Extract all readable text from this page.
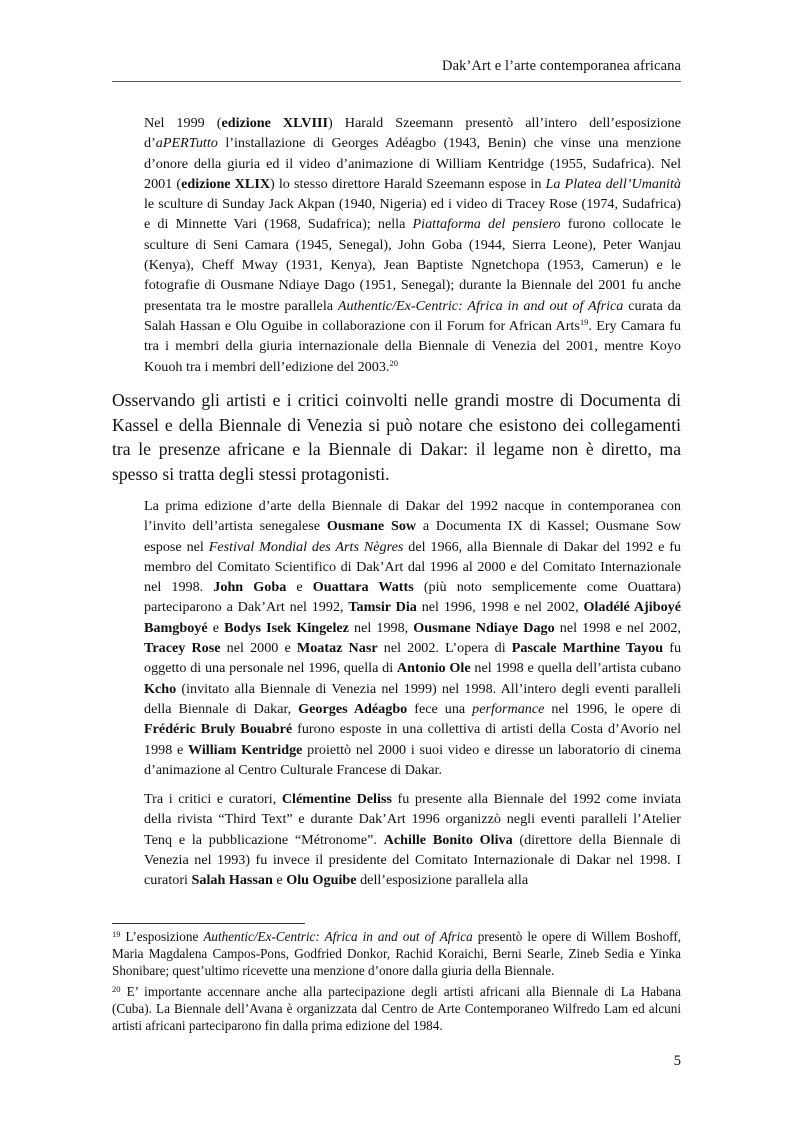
Dak’Art e l’arte contemporanea africana

Nel 1999 (edizione XLVIII) Harald Szeemann presentò all’intero dell’esposizione d’aPERTutto l’installazione di Georges Adéagbo (1943, Benin) che vinse una menzione d’onore della giuria ed il video d’animazione di William Kentridge (1955, Sudafrica). Nel 2001 (edizione XLIX) lo stesso direttore Harald Szeemann espose in La Platea dell’Umanità le sculture di Sunday Jack Akpan (1940, Nigeria) ed i video di Tracey Rose (1974, Sudafrica) e di Minnette Vari (1968, Sudafrica); nella Piattaforma del pensiero furono collocate le sculture di Seni Camara (1945, Senegal), John Goba (1944, Sierra Leone), Peter Wanjau (Kenya), Cheff Mway (1931, Kenya), Jean Baptiste Ngnetchopa (1953, Camerun) e le fotografie di Ousmane Ndiaye Dago (1951, Senegal); durante la Biennale del 2001 fu anche presentata tra le mostre parallela Authentic/Ex-Centric: Africa in and out of Africa curata da Salah Hassan e Olu Oguibe in collaborazione con il Forum for African Arts$^{19}$. Ery Camara fu tra i membri della giuria internazionale della Biennale di Venezia del 2001, mentre Koyo Kouoh tra i membri dell’edizione del 2003.20

Osservando gli artisti e i critici coinvolti nelle grandi mostre di Documenta di Kassel e della Biennale di Venezia si può notare che esistono dei collegamenti tra le presenze africane e la Biennale di Dakar: il legame non è diretto, ma spesso si tratta degli stessi protagonisti.

La prima edizione d’arte della Biennale di Dakar del 1992 nacque in contemporanea con l’invito dell’artista senegalese Ousmane Sow a Documenta IX di Kassel; Ousmane Sow espose nel Festival Mondial des Arts Nègres del 1966, alla Biennale di Dakar del 1992 e fu membro del Comitato Scientifico di Dak’Art dal 1996 al 2000 e del Comitato Internazionale nel 1998. John Goba e Ouattara Watts (più noto semplicemente come Ouattara) parteciparono a Dak’Art nel 1992, Tamsir Dia nel 1996, 1998 e nel 2002, Oladélé Ajiboyé Bamgboyé e Bodys Isek Kingelez nel 1998, Ousmane Ndiaye Dago nel 1998 e nel 2002, Tracey Rose nel 2000 e Moataz Nasr nel 2002. L’opera di Pascale Marthine Tayou fu oggetto di una personale nel 1996, quella di Antonio Ole nel 1998 e quella dell’artista cubano Kcho (invitato alla Biennale di Venezia nel 1999) nel 1998. All’intero degli eventi paralleli della Biennale di Dakar, Georges Adéagbo fece una performance nel 1996, le opere di Frédéric Bruly Bouabré furono esposte in una collettiva di artisti della Costa d’Avorio nel 1998 e William Kentridge proiettò nel 2000 i suoi video e diresse un laboratorio di cinema d’animazione al Centro Culturale Francese di Dakar.

Tra i critici e curatori, Clémentine Deliss fu presente alla Biennale del 1992 come inviata della rivista “Third Text” e durante Dak’Art 1996 organizzò negli eventi paralleli l’Atelier Tenq e la pubblicazione “Métronome”. Achille Bonito Oliva (direttore della Biennale di Venezia nel 1993) fu invece il presidente del Comitato Internazionale di Dakar nel 1998. I curatori Salah Hassan e Olu Oguibe dell’esposizione parallela alla

$^{19}$ L’esposizione Authentic/Ex-Centric: Africa in and out of Africa presentò le opere di Willem Boshoff, Maria Magdalena Campos-Pons, Godfried Donkor, Rachid Koraichi, Berni Searle, Zineb Sedia e Yinka Shonibare; quest’ultimo ricevette una menzione d’onore dalla giuria della Biennale.

$^{20}$ E’ importante accennare anche alla partecipazione degli artisti africani alla Biennale di La Habana (Cuba). La Biennale dell’Avana è organizzata dal Centro de Arte Contemporaneo Wilfredo Lam ed alcuni artisti africani parteciparono fin dalla prima edizione del 1984.

5
